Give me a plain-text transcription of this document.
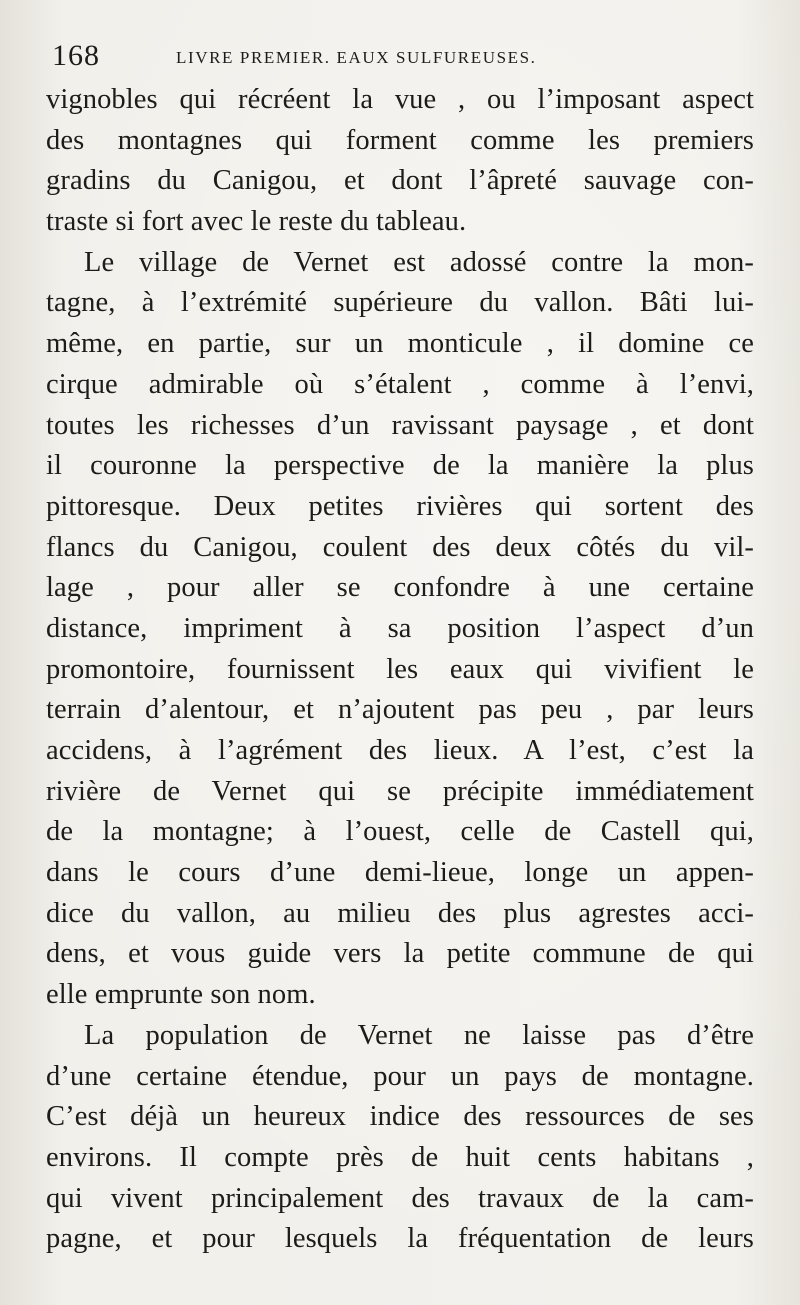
168	LIVRE PREMIER. EAUX SULFUREUSES.
vignobles qui récréent la vue , ou l’imposant aspect
des montagnes qui forment comme les premiers
gradins du Canigou, et dont l’âpreté sauvage con-
traste si fort avec le reste du tableau.
Le village de Vernet est adossé contre la mon-
tagne, à l’extrémité supérieure du vallon. Bâti lui-
même, en partie, sur un monticule , il domine ce
cirque admirable où s’étalent , comme à l’envi,
toutes les richesses d’un ravissant paysage , et dont
il couronne la perspective de la manière la plus
pittoresque. Deux petites rivières qui sortent des
flancs du Canigou, coulent des deux côtés du vil-
lage , pour aller se confondre à une certaine
distance, impriment à sa position l’aspect d’un
promontoire, fournissent les eaux qui vivifient le
terrain d’alentour, et n’ajoutent pas peu , par leurs
accidens, à l’agrément des lieux. A l’est, c’est la
rivière de Vernet qui se précipite immédiatement
de la montagne; à l’ouest, celle de Castell qui,
dans le cours d’une demi-lieue, longe un appen-
dice du vallon, au milieu des plus agrestes acci-
dens, et vous guide vers la petite commune de qui
elle emprunte son nom.
La population de Vernet ne laisse pas d’être
d’une certaine étendue, pour un pays de montagne.
C’est déjà un heureux indice des ressources de ses
environs. Il compte près de huit cents habitans ,
qui vivent principalement des travaux de la cam-
pagne, et pour lesquels la fréquentation de leurs
